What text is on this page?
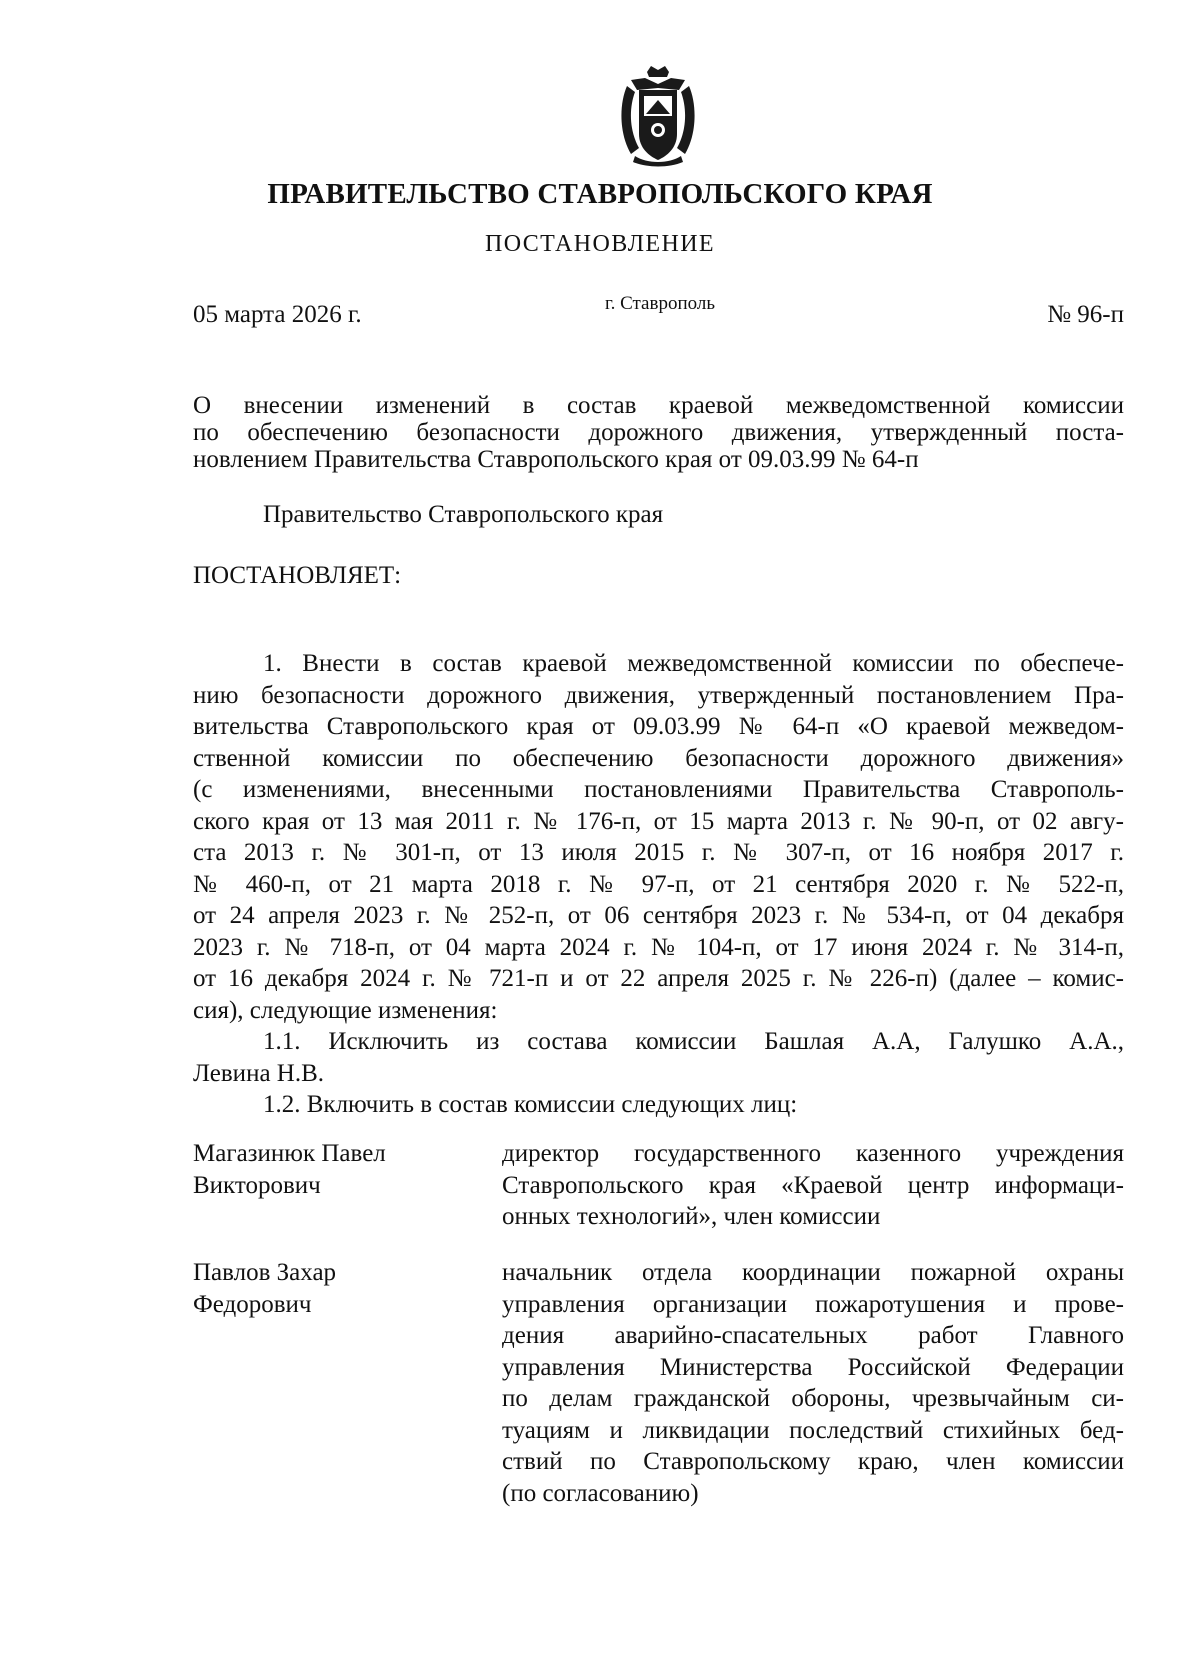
ПРАВИТЕЛЬСТВО СТАВРОПОЛЬСКОГО КРАЯ
ПОСТАНОВЛЕНИЕ
05 марта 2026 г.	г. Ставрополь	№ 96-п
О внесении изменений в состав краевой межведомственной комиссии
по обеспечению безопасности дорожного движения, утвержденный поста-
новлением Правительства Ставропольского края от 09.03.99 № 64-п
Правительство Ставропольского края
ПОСТАНОВЛЯЕТ:
1. Внести в состав краевой межведомственной комиссии по обеспече-
нию безопасности дорожного движения, утвержденный постановлением Пра-
вительства Ставропольского края от 09.03.99 № 64-п «О краевой межведом-
ственной комиссии по обеспечению безопасности дорожного движения»
(с изменениями, внесенными постановлениями Правительства Ставрополь-
ского края от 13 мая 2011 г. № 176-п, от 15 марта 2013 г. № 90-п, от 02 авгу-
ста 2013 г. № 301-п, от 13 июля 2015 г. № 307-п, от 16 ноября 2017 г.
№ 460-п, от 21 марта 2018 г. № 97-п, от 21 сентября 2020 г. № 522-п,
от 24 апреля 2023 г. № 252-п, от 06 сентября 2023 г. № 534-п, от 04 декабря
2023 г. № 718-п, от 04 марта 2024 г. № 104-п, от 17 июня 2024 г. № 314-п,
от 16 декабря 2024 г. № 721-п и от 22 апреля 2025 г. № 226-п) (далее – комис-
сия), следующие изменения:
1.1. Исключить из состава комиссии Башлая А.А, Галушко А.А.,
Левина Н.В.
1.2. Включить в состав комиссии следующих лиц:
Магазинюк Павел
Викторович
директор государственного казенного учреждения
Ставропольского края «Краевой центр информаци-
онных технологий», член комиссии
Павлов Захар
Федорович
начальник отдела координации пожарной охраны
управления организации пожаротушения и прове-
дения аварийно-спасательных работ Главного
управления Министерства Российской Федерации
по делам гражданской обороны, чрезвычайным си-
туациям и ликвидации последствий стихийных бед-
ствий по Ставропольскому краю, член комиссии
(по согласованию)
